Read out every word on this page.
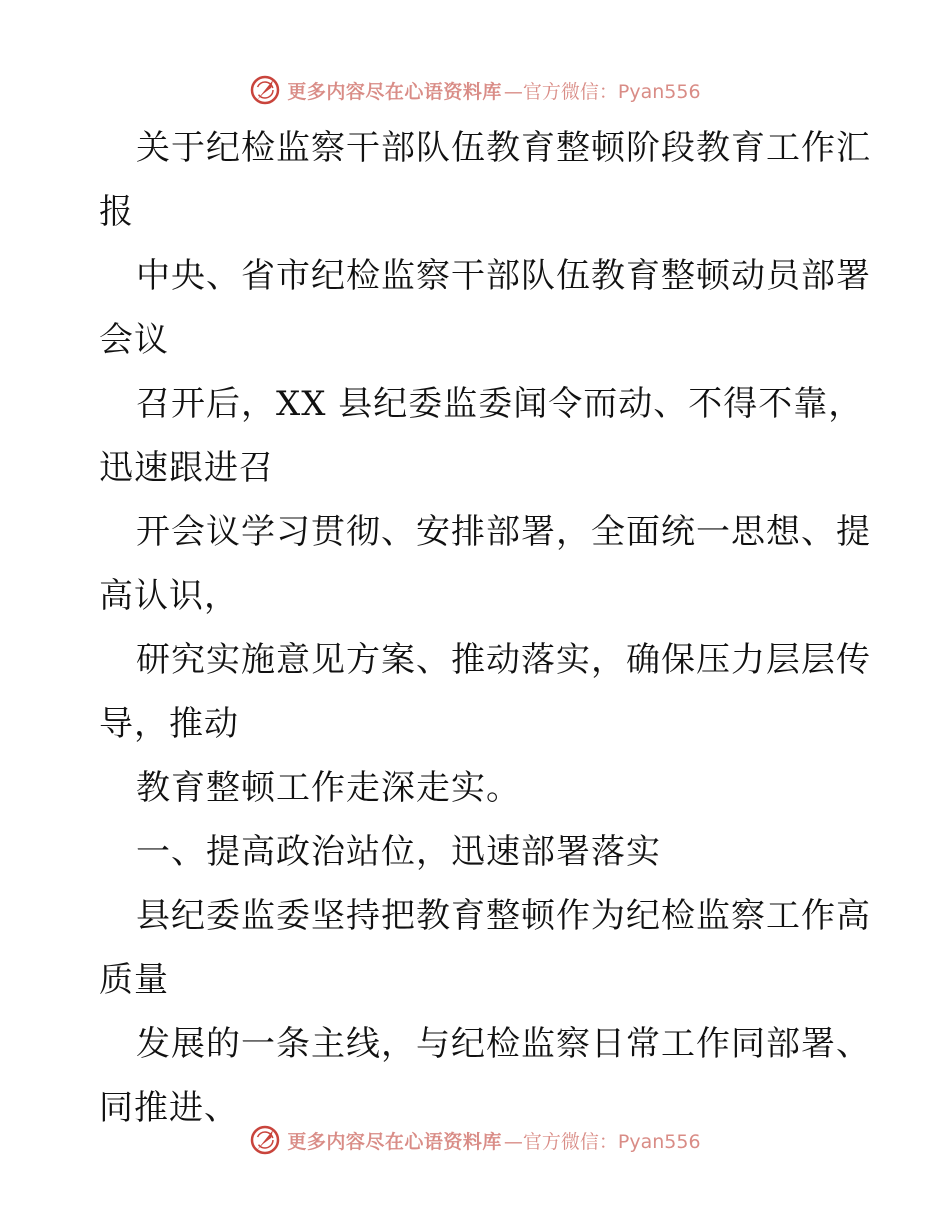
更多内容尽在心语资料库 —官方微信：Pyan556
关于纪检监察干部队伍教育整顿阶段教育工作汇
报
中央、省市纪检监察干部队伍教育整顿动员部署
会议
召开后，XX 县纪委监委闻令而动、不得不靠，
迅速跟进召
开会议学习贯彻、安排部署，全面统一思想、提
高认识，
研究实施意见方案、推动落实，确保压力层层传
导，推动
教育整顿工作走深走实。
一、提高政治站位，迅速部署落实
县纪委监委坚持把教育整顿作为纪检监察工作高
质量
发展的一条主线，与纪检监察日常工作同部署、
同推进、
更多内容尽在心语资料库 —官方微信：Pyan556
